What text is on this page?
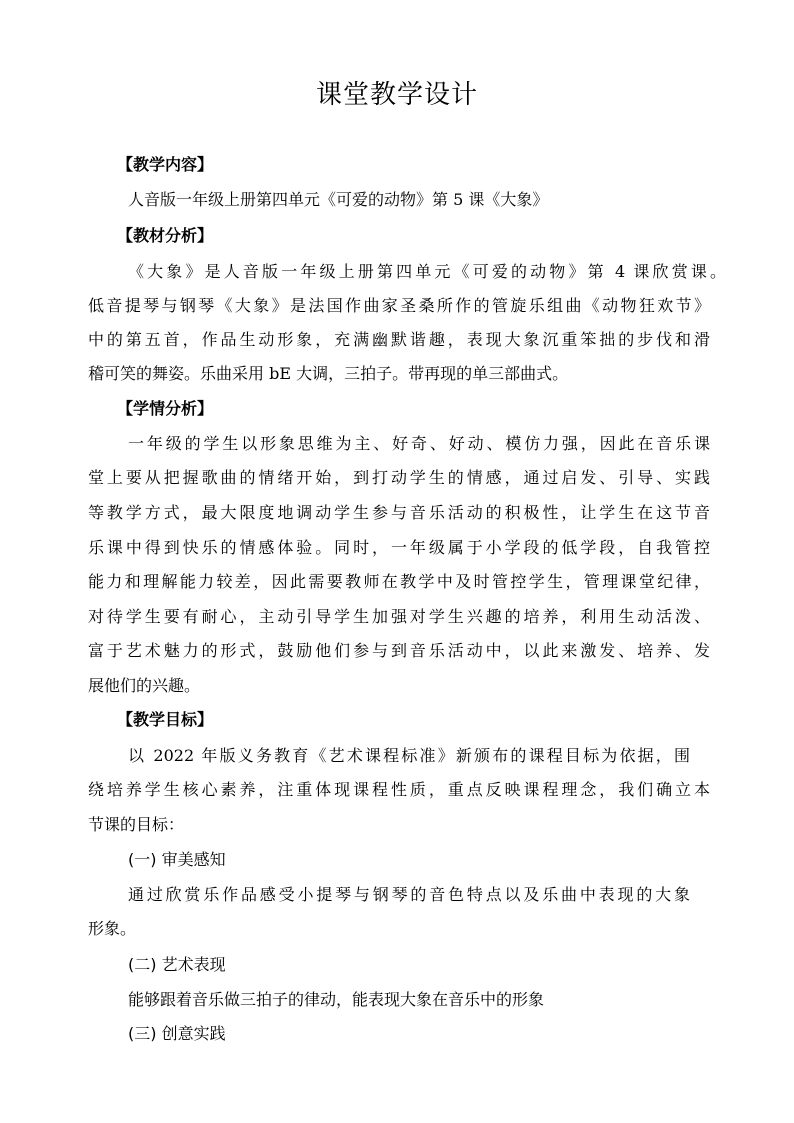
课堂教学设计
【教学内容】
人音版一年级上册第四单元《可爱的动物》第 5 课《大象》
【教材分析】
《大象》是人音版一年级上册第四单元《可爱的动物》第 4 课欣赏课。
低音提琴与钢琴《大象》是法国作曲家圣桑所作的管旋乐组曲《动物狂欢节》
中的第五首，作品生动形象，充满幽默谐趣，表现大象沉重笨拙的步伐和滑
稽可笑的舞姿。乐曲采用 bE 大调，三拍子。带再现的单三部曲式。
【学情分析】
一年级的学生以形象思维为主、好奇、好动、模仿力强，因此在音乐课
堂上要从把握歌曲的情绪开始，到打动学生的情感，通过启发、引导、实践
等教学方式，最大限度地调动学生参与音乐活动的积极性，让学生在这节音
乐课中得到快乐的情感体验。同时，一年级属于小学段的低学段，自我管控
能力和理解能力较差，因此需要教师在教学中及时管控学生，管理课堂纪律，
对待学生要有耐心，主动引导学生加强对学生兴趣的培养，利用生动活泼、
富于艺术魅力的形式，鼓励他们参与到音乐活动中，以此来激发、培养、发
展他们的兴趣。
【教学目标】
以 2022 年版义务教育《艺术课程标准》新颁布的课程目标为依据，围
绕培养学生核心素养，注重体现课程性质，重点反映课程理念，我们确立本
节课的目标：
(一) 审美感知
通过欣赏乐作品感受小提琴与钢琴的音色特点以及乐曲中表现的大象
形象。
(二) 艺术表现
能够跟着音乐做三拍子的律动，能表现大象在音乐中的形象
(三) 创意实践
